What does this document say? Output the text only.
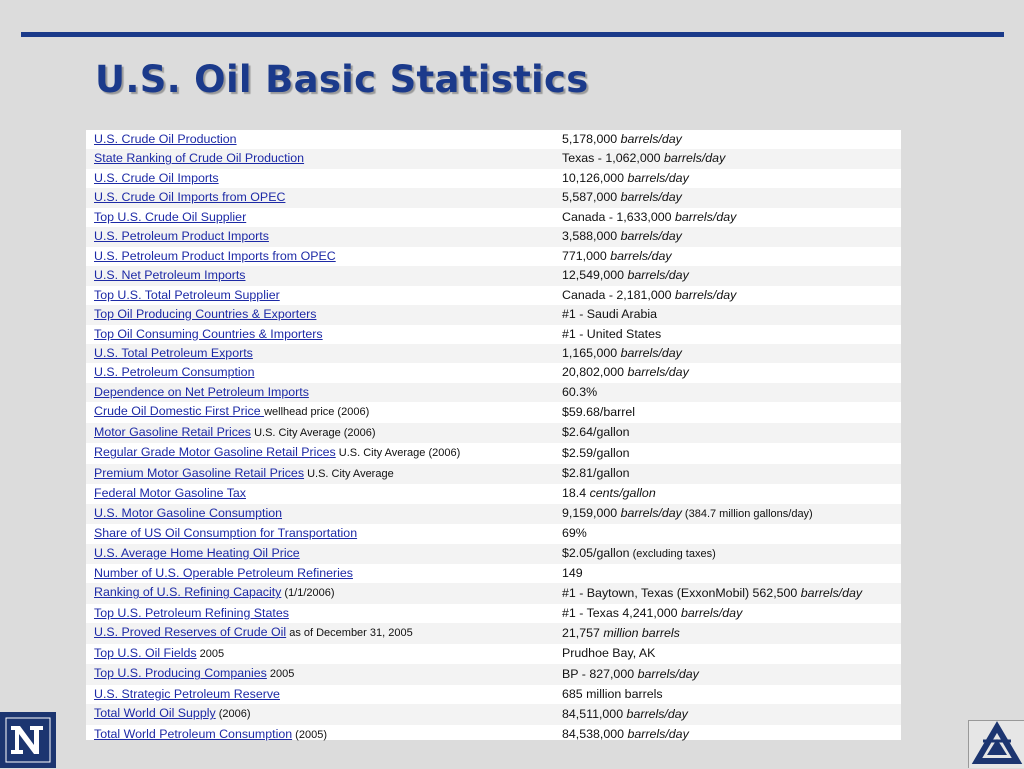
U.S. Oil Basic Statistics
U.S. Crude Oil Production	5,178,000 barrels/day
State Ranking of Crude Oil Production	Texas - 1,062,000 barrels/day
U.S. Crude Oil Imports	10,126,000 barrels/day
U.S. Crude Oil Imports from OPEC	5,587,000 barrels/day
Top U.S. Crude Oil Supplier	Canada - 1,633,000 barrels/day
U.S. Petroleum Product Imports	3,588,000 barrels/day
U.S. Petroleum Product Imports from OPEC	771,000 barrels/day
U.S. Net Petroleum Imports	12,549,000 barrels/day
Top U.S. Total Petroleum Supplier	Canada - 2,181,000 barrels/day
Top Oil Producing Countries & Exporters	#1 - Saudi Arabia
Top Oil Consuming Countries & Importers	#1 - United States
U.S. Total Petroleum Exports	1,165,000 barrels/day
U.S. Petroleum Consumption	20,802,000 barrels/day
Dependence on Net Petroleum Imports	60.3%
Crude Oil Domestic First Price wellhead price (2006)	$59.68/barrel
Motor Gasoline Retail Prices U.S. City Average (2006)	$2.64/gallon
Regular Grade Motor Gasoline Retail Prices U.S. City Average (2006)	$2.59/gallon
Premium Motor Gasoline Retail Prices U.S. City Average	$2.81/gallon
Federal Motor Gasoline Tax	18.4 cents/gallon
U.S. Motor Gasoline Consumption	9,159,000 barrels/day (384.7 million gallons/day)
Share of US Oil Consumption for Transportation	69%
U.S. Average Home Heating Oil Price	$2.05/gallon (excluding taxes)
Number of U.S. Operable Petroleum Refineries	149
Ranking of U.S. Refining Capacity (1/1/2006)	#1 - Baytown, Texas (ExxonMobil) 562,500 barrels/day
Top U.S. Petroleum Refining States	#1 - Texas 4,241,000 barrels/day
U.S. Proved Reserves of Crude Oil as of December 31, 2005	21,757 million barrels
Top U.S. Oil Fields 2005	Prudhoe Bay, AK
Top U.S. Producing Companies 2005	BP - 827,000 barrels/day
U.S. Strategic Petroleum Reserve	685 million barrels
Total World Oil Supply (2006)	84,511,000 barrels/day
Total World Petroleum Consumption (2005)	84,538,000 barrels/day
